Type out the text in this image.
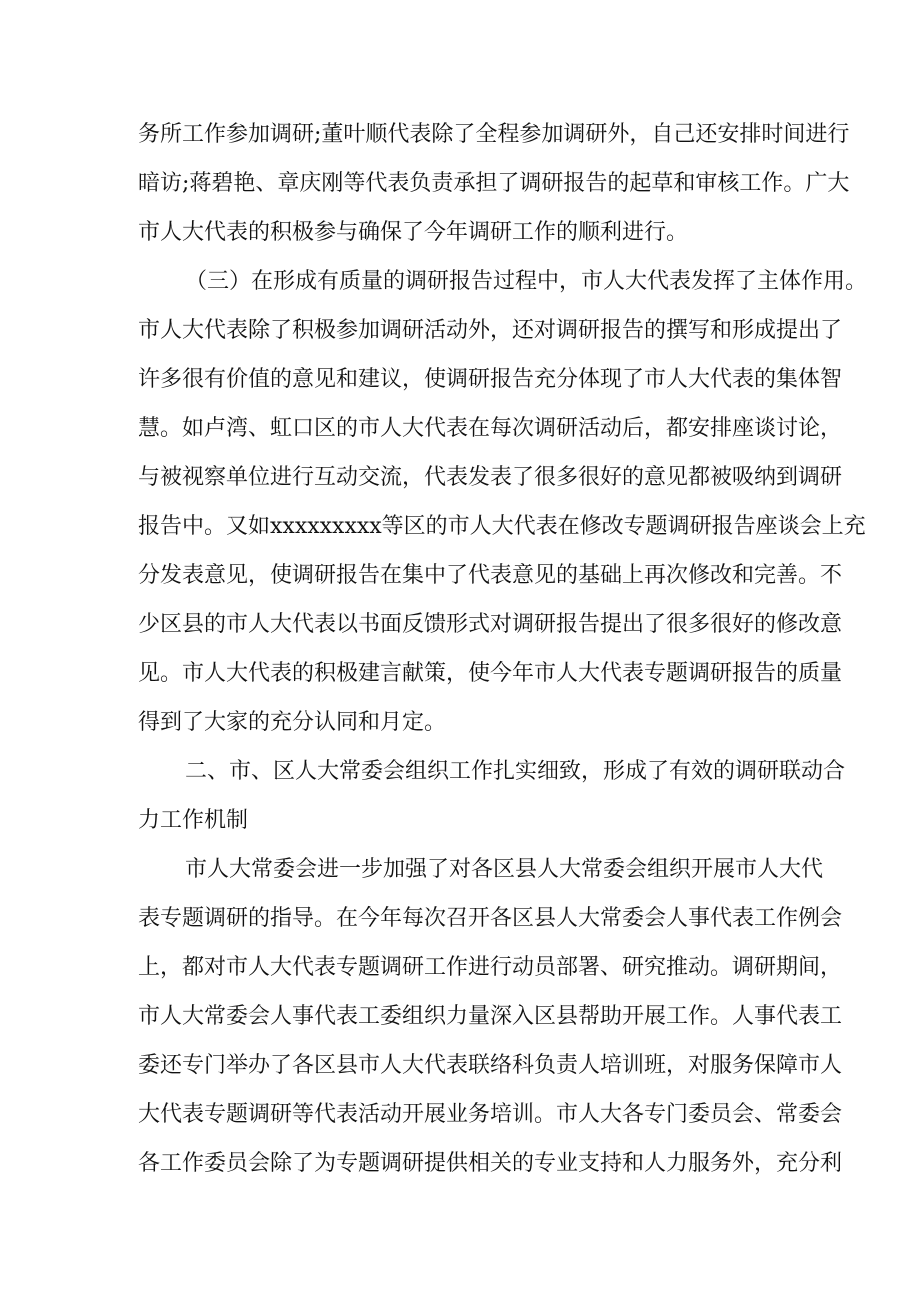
务所工作参加调研;董叶顺代表除了全程参加调研外，自己还安排时间进行
暗访;蒋碧艳、章庆刚等代表负责承担了调研报告的起草和审核工作。广大
市人大代表的积极参与确保了今年调研工作的顺利进行。
（三）在形成有质量的调研报告过程中，市人大代表发挥了主体作用。
市人大代表除了积极参加调研活动外，还对调研报告的撰写和形成提出了
许多很有价值的意见和建议，使调研报告充分体现了市人大代表的集体智
慧。如卢湾、虹口区的市人大代表在每次调研活动后，都安排座谈讨论，
与被视察单位进行互动交流，代表发表了很多很好的意见都被吸纳到调研
报告中。又如xxxxxxxxx等区的市人大代表在修改专题调研报告座谈会上充
分发表意见，使调研报告在集中了代表意见的基础上再次修改和完善。不
少区县的市人大代表以书面反馈形式对调研报告提出了很多很好的修改意
见。市人大代表的积极建言献策，使今年市人大代表专题调研报告的质量
得到了大家的充分认同和月定。
二、市、区人大常委会组织工作扎实细致，形成了有效的调研联动合
力工作机制
市人大常委会进一步加强了对各区县人大常委会组织开展市人大代
表专题调研的指导。在今年每次召开各区县人大常委会人事代表工作例会
上，都对市人大代表专题调研工作进行动员部署、研究推动。调研期间，
市人大常委会人事代表工委组织力量深入区县帮助开展工作。人事代表工
委还专门举办了各区县市人大代表联络科负责人培训班，对服务保障市人
大代表专题调研等代表活动开展业务培训。市人大各专门委员会、常委会
各工作委员会除了为专题调研提供相关的专业支持和人力服务外，充分利
